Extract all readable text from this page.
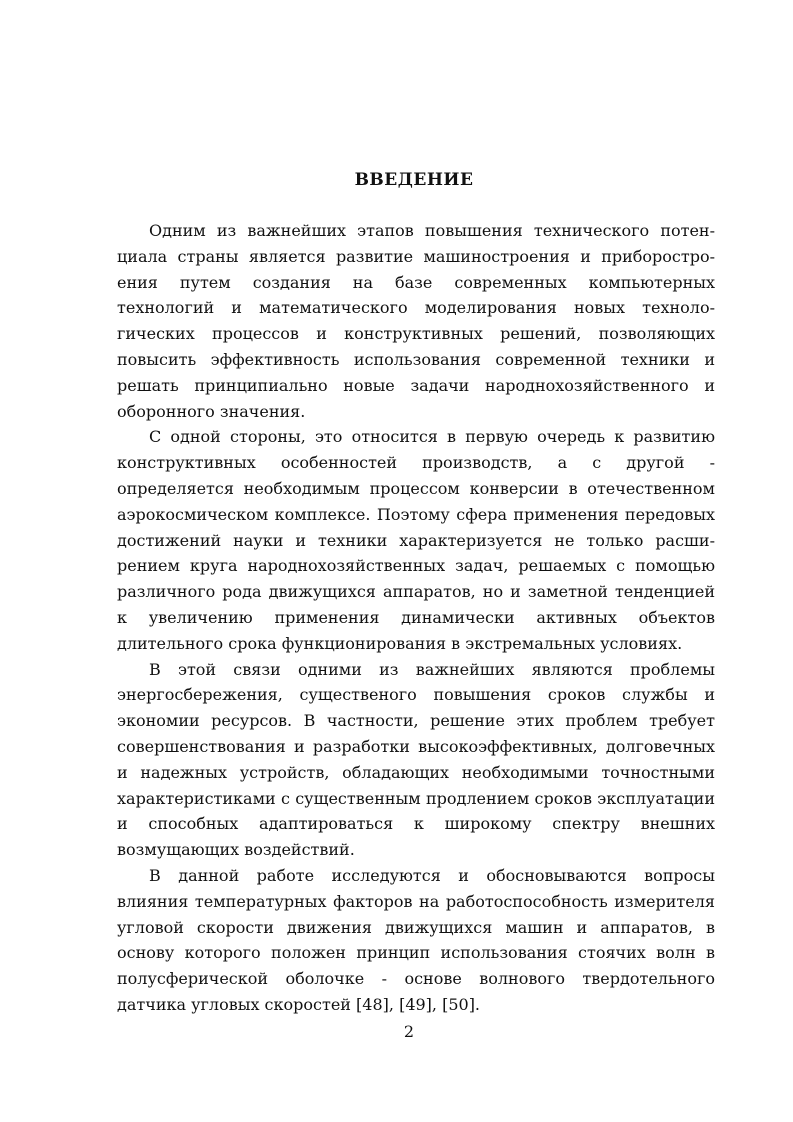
ВВЕДЕНИЕ

Одним из важнейших этапов повышения технического потенциала страны является развитие машиностроения и приборостроения путем создания на базе современных компьютерных технологий и математического моделирования новых технологических процессов и конструктивных решений, позволяющих повысить эффективность использования современной техники и решать принципиально новые задачи народнохозяйственного и оборонного значения.

С одной стороны, это относится в первую очередь к развитию конструктивных особенностей производств, а с другой - определяется необходимым процессом конверсии в отечественном аэрокосмическом комплексе. Поэтому сфера применения передовых достижений науки и техники характеризуется не только расширением круга народнохозяйственных задач, решаемых с помощью различного рода движущихся аппаратов, но и заметной тенденцией к увеличению применения динамически активных объектов длительного срока функционирования в экстремальных условиях.

В этой связи одними из важнейших являются проблемы энергосбережения, существеного повышения сроков службы и экономии ресурсов. В частности, решение этих проблем требует совершенствования и разработки высокоэффективных, долговечных и надежных устройств, обладающих необходимыми точностными характеристиками с существенным продлением сроков эксплуатации и способных адаптироваться к широкому спектру внешних возмущающих воздействий.

В данной работе исследуются и обосновываются вопросы влияния температурных факторов на работоспособность измерителя угловой скорости движения движущихся машин и аппаратов, в основу которого положен принцип использования стоячих волн в полусферической оболочке - основе волнового твердотельного датчика угловых скоростей [48], [49], [50].

2
